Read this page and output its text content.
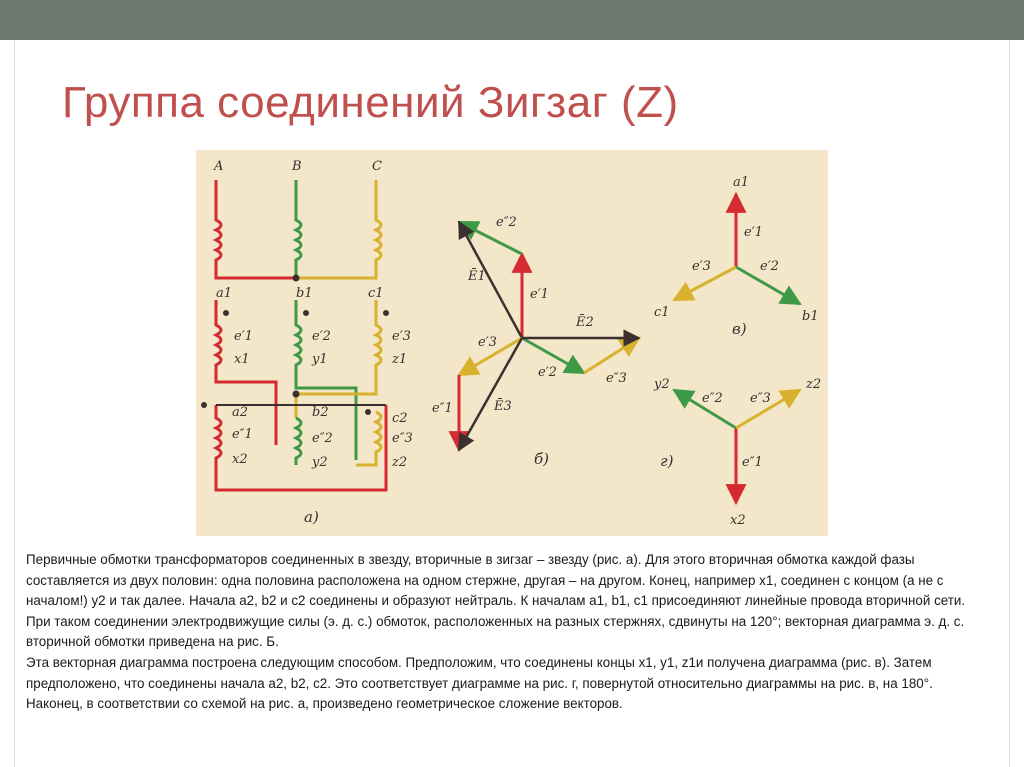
Группа соединений Зигзаг (Z)
A	B	C
a1	b1	c1
e′1	e′2	e′3
x1	y1	z1
a2	b2	c2
e″1	e″2	e″3
x2	y2	z2
а)
e″2
Ē1
e′1
Ē2
e′3
e′2	e″3
e″1	Ē3
б)
a1
e′1
e′3	e′2
c1	b1
в)
y2
e″2 e″3
z2
e″1
x2
г)

Первичные обмотки трансформаторов соединенных в звезду, вторичные в зигзаг – звезду (рис. а). Для этого вторичная обмотка каждой фазы составляется из двух половин: одна половина расположена на одном стержне, другая – на другом. Конец, например x1, соединен с концом (а не с началом!) y2 и так далее. Начала a2, b2 и c2 соединены и образуют нейтраль. К началам a1, b1, c1 присоединяют линейные провода вторичной сети. При таком соединении электродвижущие силы (э. д. с.) обмоток, расположенных на разных стержнях, сдвинуты на 120°; векторная диаграмма э. д. с. вторичной обмотки приведена на рис. Б.

Эта векторная диаграмма построена следующим способом. Предположим, что соединены концы x1, y1, z1и получена диаграмма (рис. в). Затем предположено, что соединены начала a2, b2, c2. Это соответствует диаграмме на рис. г, повернутой относительно диаграммы на рис. в, на 180°. Наконец, в соответствии со схемой на рис. а, произведено геометрическое сложение векторов.
